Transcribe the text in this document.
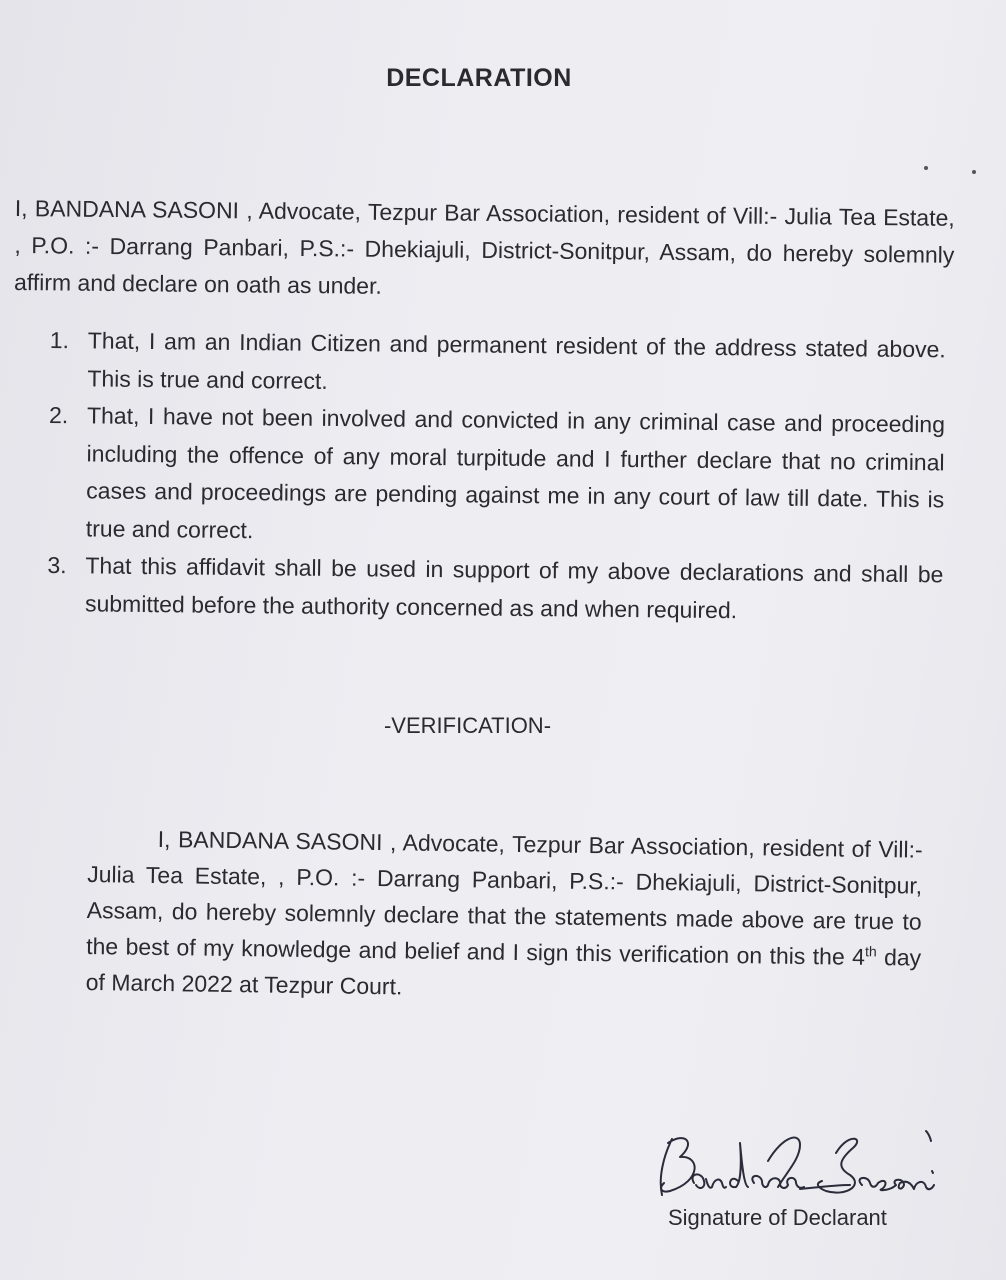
DECLARATION
I, BANDANA SASONI , Advocate, Tezpur Bar Association, resident of Vill:- Julia Tea Estate, , P.O. :- Darrang Panbari, P.S.:- Dhekiajuli, District-Sonitpur, Assam, do hereby solemnly affirm and declare on oath as under.
1. That, I am an Indian Citizen and permanent resident of the address stated above. This is true and correct.
2. That, I have not been involved and convicted in any criminal case and proceeding including the offence of any moral turpitude and I further declare that no criminal cases and proceedings are pending against me in any court of law till date. This is true and correct.
3. That this affidavit shall be used in support of my above declarations and shall be submitted before the authority concerned as and when required.
-VERIFICATION-
I, BANDANA SASONI , Advocate, Tezpur Bar Association, resident of Vill:- Julia Tea Estate, , P.O. :- Darrang Panbari, P.S.:- Dhekiajuli, District-Sonitpur, Assam, do hereby solemnly declare that the statements made above are true to the best of my knowledge and belief and I sign this verification on this the 4th day of March 2022 at Tezpur Court.
Signature of Declarant
